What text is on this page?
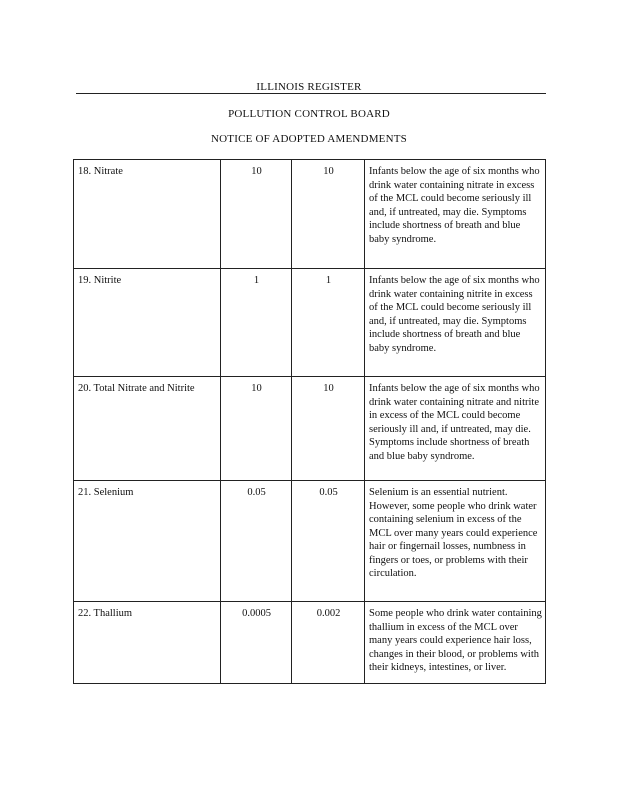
ILLINOIS REGISTER
POLLUTION CONTROL BOARD
NOTICE OF ADOPTED AMENDMENTS
18. Nitrate	10	10	Infants below the age of six months who drink water containing nitrate in excess of the MCL could become seriously ill and, if untreated, may die. Symptoms include shortness of breath and blue baby syndrome.
19. Nitrite	1	1	Infants below the age of six months who drink water containing nitrite in excess of the MCL could become seriously ill and, if untreated, may die. Symptoms include shortness of breath and blue baby syndrome.
20. Total Nitrate and Nitrite	10	10	Infants below the age of six months who drink water containing nitrate and nitrite in excess of the MCL could become seriously ill and, if untreated, may die. Symptoms include shortness of breath and blue baby syndrome.
21. Selenium	0.05	0.05	Selenium is an essential nutrient. However, some people who drink water containing selenium in excess of the MCL over many years could experience hair or fingernail losses, numbness in fingers or toes, or problems with their circulation.
22. Thallium	0.0005	0.002	Some people who drink water containing thallium in excess of the MCL over many years could experience hair loss, changes in their blood, or problems with their kidneys, intestines, or liver.
